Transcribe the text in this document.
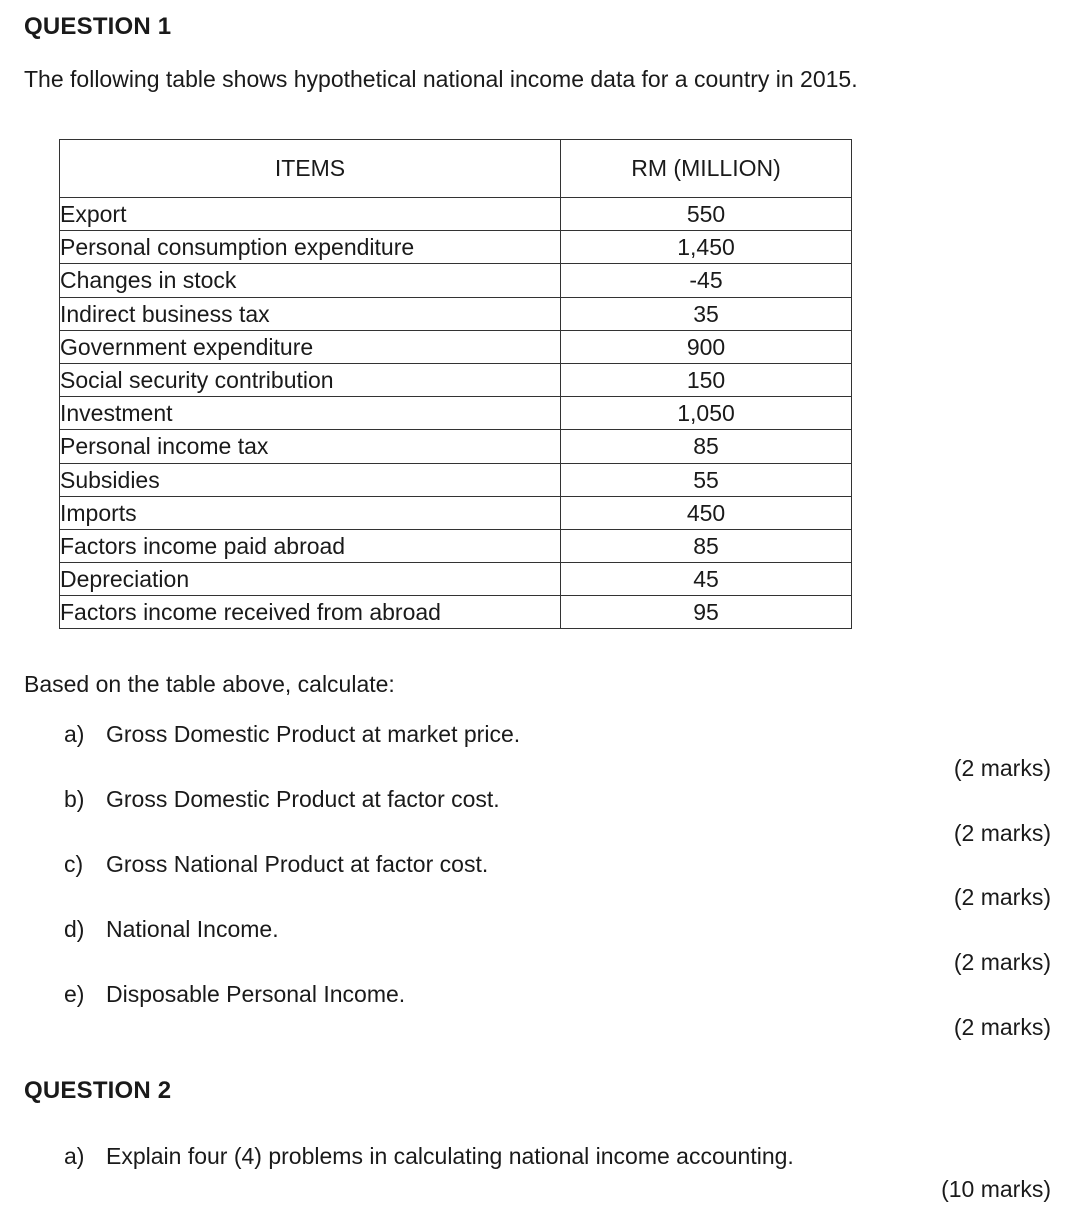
QUESTION 1
The following table shows hypothetical national income data for a country in 2015.
ITEMS	RM (MILLION)
Export	550
Personal consumption expenditure	1,450
Changes in stock	-45
Indirect business tax	35
Government expenditure	900
Social security contribution	150
Investment	1,050
Personal income tax	85
Subsidies	55
Imports	450
Factors income paid abroad	85
Depreciation	45
Factors income received from abroad	95
Based on the table above, calculate:
a) Gross Domestic Product at market price.
(2 marks)
b) Gross Domestic Product at factor cost.
(2 marks)
c) Gross National Product at factor cost.
(2 marks)
d) National Income.
(2 marks)
e) Disposable Personal Income.
(2 marks)
QUESTION 2
a) Explain four (4) problems in calculating national income accounting.
(10 marks)
